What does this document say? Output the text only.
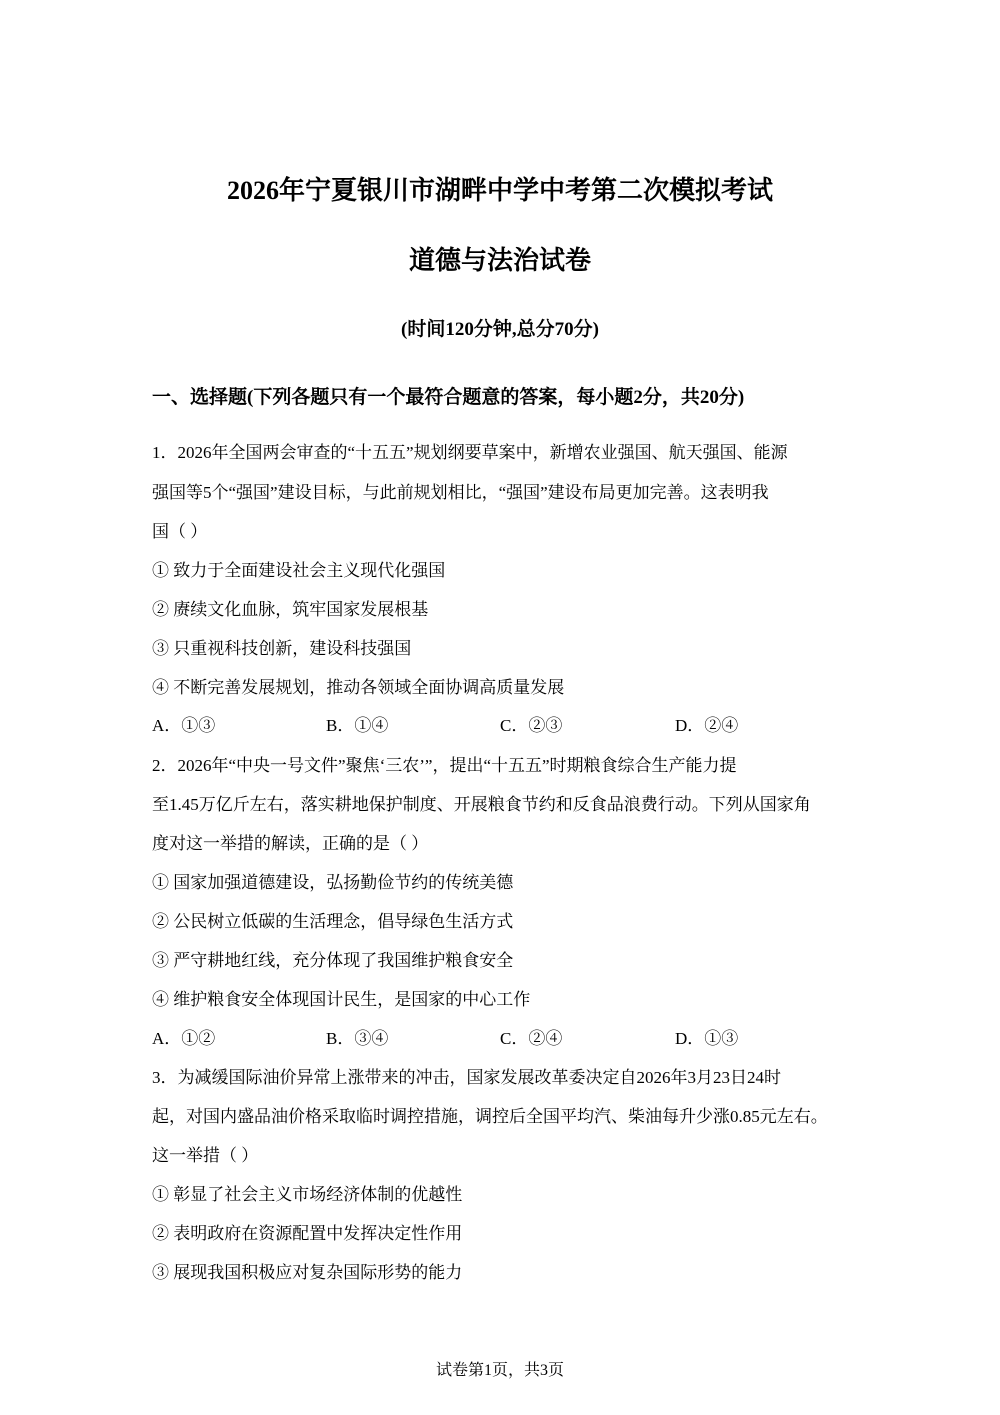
2026年宁夏银川市湖畔中学中考第二次模拟考试
道德与法治试卷
(时间120分钟,总分70分)
一、选择题(下列各题只有一个最符合题意的答案，每小题2分，共20分)
1．2026年全国两会审查的“十五五”规划纲要草案中，新增农业强国、航天强国、能源
强国等5个“强国”建设目标，与此前规划相比，“强国”建设布局更加完善。这表明我
国（ ）
① 致力于全面建设社会主义现代化强国
② 赓续文化血脉，筑牢国家发展根基
③ 只重视科技创新，建设科技强国
④ 不断完善发展规划，推动各领域全面协调高质量发展
A．①③	B．①④	C．②③	D．②④
2．2026年“中央一号文件”聚焦‘三农’”，提出“十五五”时期粮食综合生产能力提
至1.45万亿斤左右，落实耕地保护制度、开展粮食节约和反食品浪费行动。下列从国家角
度对这一举措的解读，正确的是（ ）
① 国家加强道德建设，弘扬勤俭节约的传统美德
② 公民树立低碳的生活理念，倡导绿色生活方式
③ 严守耕地红线，充分体现了我国维护粮食安全
④ 维护粮食安全体现国计民生，是国家的中心工作
A．①②	B．③④	C．②④	D．①③
3．为减缓国际油价异常上涨带来的冲击，国家发展改革委决定自2026年3月23日24时
起，对国内盛品油价格采取临时调控措施，调控后全国平均汽、柴油每升少涨0.85元左右。
这一举措（ ）
① 彰显了社会主义市场经济体制的优越性
② 表明政府在资源配置中发挥决定性作用
③ 展现我国积极应对复杂国际形势的能力
试卷第1页，共3页
